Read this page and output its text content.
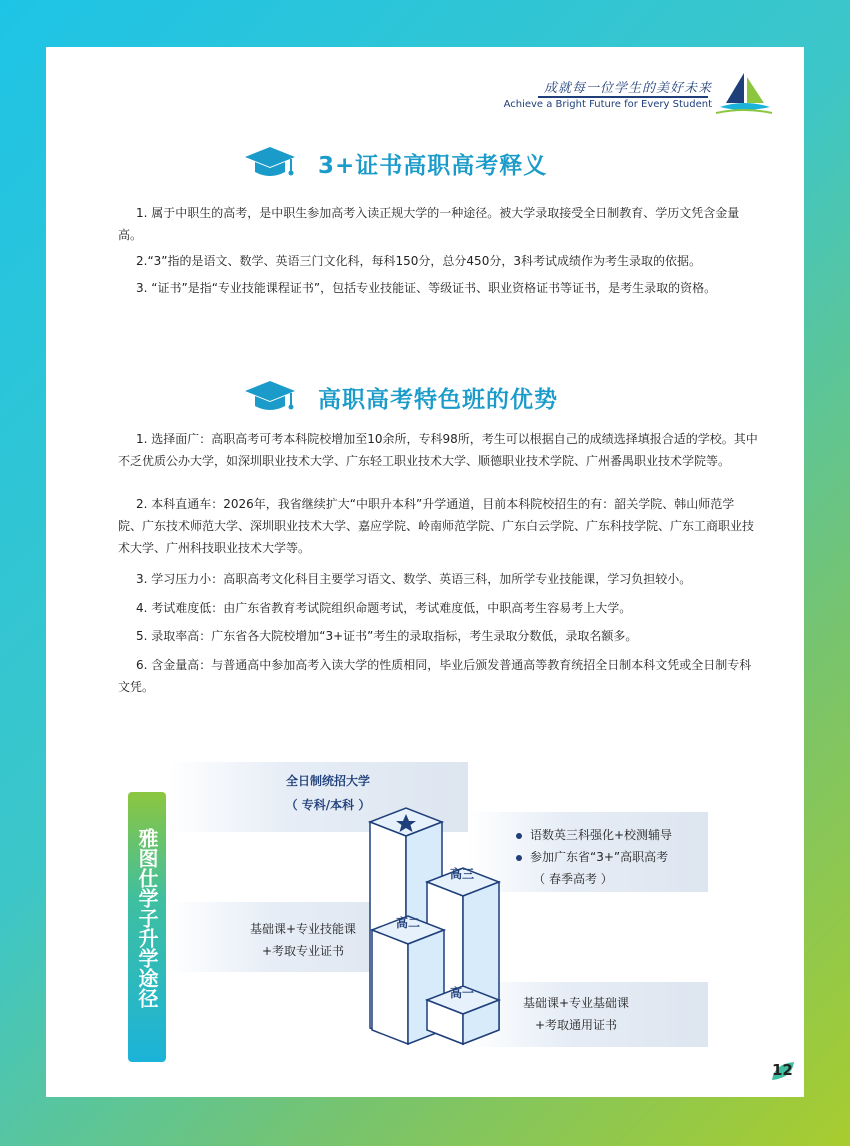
成就每一位学生的美好未来
Achieve a Bright Future for Every Student
3+证书高职高考释义

1. 属于中职生的高考，是中职生参加高考入读正规大学的一种途径。被大学录取接受全日制教育、学历文凭含金量高。

2.“3”指的是语文、数学、英语三门文化科，每科150分，总分450分，3科考试成绩作为考生录取的依据。

3. “证书”是指“专业技能课程证书”，包括专业技能证、等级证书、职业资格证书等证书，是考生录取的资格。

高职高考特色班的优势

1. 选择面广：高职高考可考本科院校增加至10余所，专科98所，考生可以根据自己的成绩选择填报合适的学校。其中不乏优质公办大学，如深圳职业技术大学、广东轻工职业技术大学、顺德职业技术学院、广州番禺职业技术学院等。

2. 本科直通车：2026年，我省继续扩大“中职升本科”升学通道，目前本科院校招生的有：韶关学院、韩山师范学院、广东技术师范大学、深圳职业技术大学、嘉应学院、岭南师范学院、广东白云学院、广东科技学院、广东工商职业技术大学、广州科技职业技术大学等。

3. 学习压力小：高职高考文化科目主要学习语文、数学、英语三科，加所学专业技能课，学习负担较小。

4. 考试难度低：由广东省教育考试院组织命题考试，考试难度低，中职高考生容易考上大学。

5. 录取率高：广东省各大院校增加“3+证书”考生的录取指标，考生录取分数低，录取名额多。

6. 含金量高：与普通高中参加高考入读大学的性质相同，毕业后颁发普通高等教育统招全日制本科文凭或全日制专科文凭。

雅图仕学子升学途径
全日制统招大学
（ 专科/本科 ）
语数英三科强化+校测辅导
参加广东省“3+”高职高考
（ 春季高考 ）
基础课+专业技能课
+考取专业证书
基础课+专业基础课
+考取通用证书
高三
高二
高一
12
